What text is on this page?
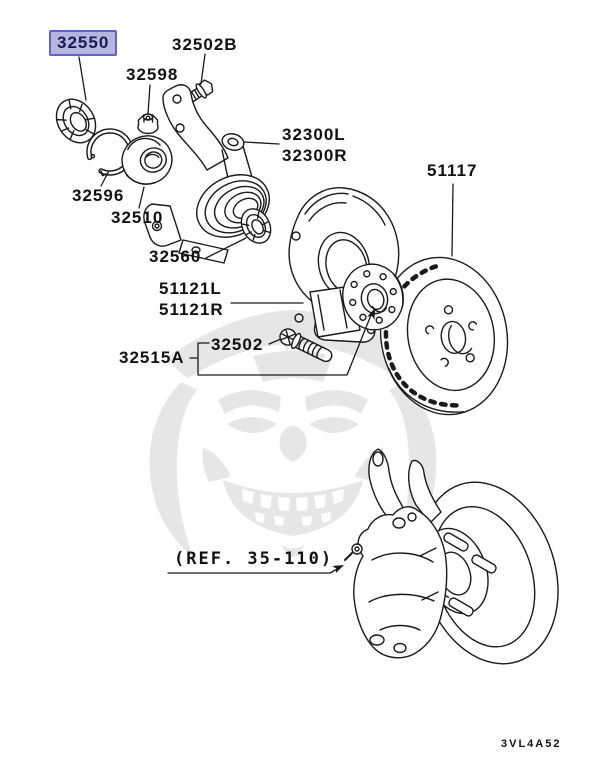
32550	32502B
32598
32596
32510
32300L
32300R
51117
32560
51121L
51121R
32502
32515A
(REF. 35-110)
3VL4A52
